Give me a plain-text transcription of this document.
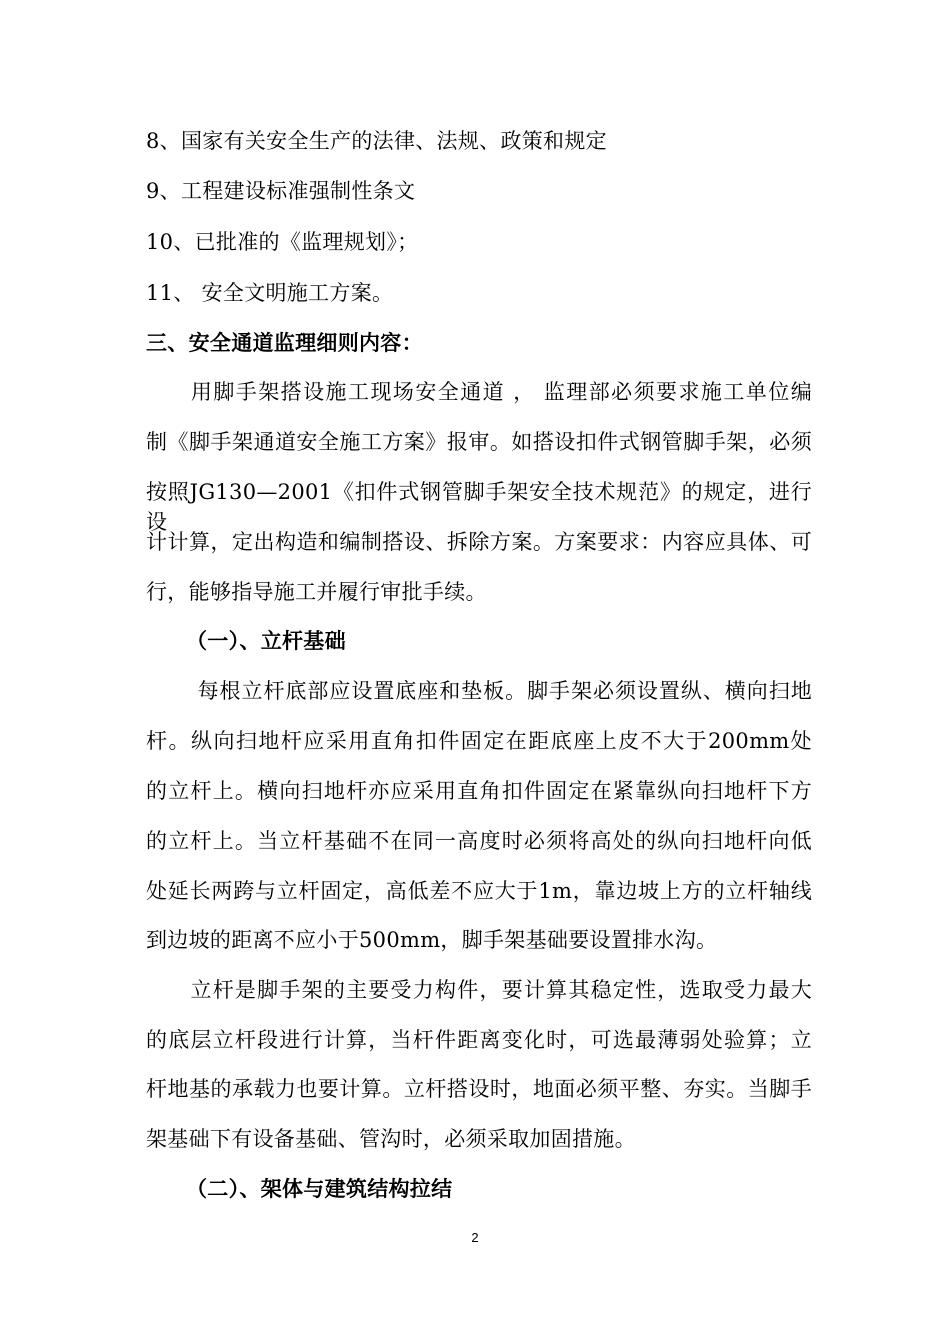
8、国家有关安全生产的法律、法规、政策和规定
9、工程建设标准强制性条文
10、已批准的《监理规划》；
11、 安全文明施工方案。
三、安全通道监理细则内容：
　　用脚手架搭设施工现场安全通道 ， 监理部必须要求施工单位编
制《脚手架通道安全施工方案》报审。如搭设扣件式钢管脚手架，必须
按照JG130—2001《扣件式钢管脚手架安全技术规范》的规定，进行设
计计算，定出构造和编制搭设、拆除方案。方案要求：内容应具体、可
行，能够指导施工并履行审批手续。
（一）、立杆基础
　　 每根立杆底部应设置底座和垫板。脚手架必须设置纵、横向扫地
杆。纵向扫地杆应采用直角扣件固定在距底座上皮不大于200mm处
的立杆上。横向扫地杆亦应采用直角扣件固定在紧靠纵向扫地杆下方
的立杆上。当立杆基础不在同一高度时必须将高处的纵向扫地杆向低
处延长两跨与立杆固定，高低差不应大于1m，靠边坡上方的立杆轴线
到边坡的距离不应小于500mm，脚手架基础要设置排水沟。
　　立杆是脚手架的主要受力构件，要计算其稳定性，选取受力最大
的底层立杆段进行计算，当杆件距离变化时，可选最薄弱处验算；立
杆地基的承载力也要计算。立杆搭设时，地面必须平整、夯实。当脚手
架基础下有设备基础、管沟时，必须采取加固措施。
（二）、架体与建筑结构拉结
2
